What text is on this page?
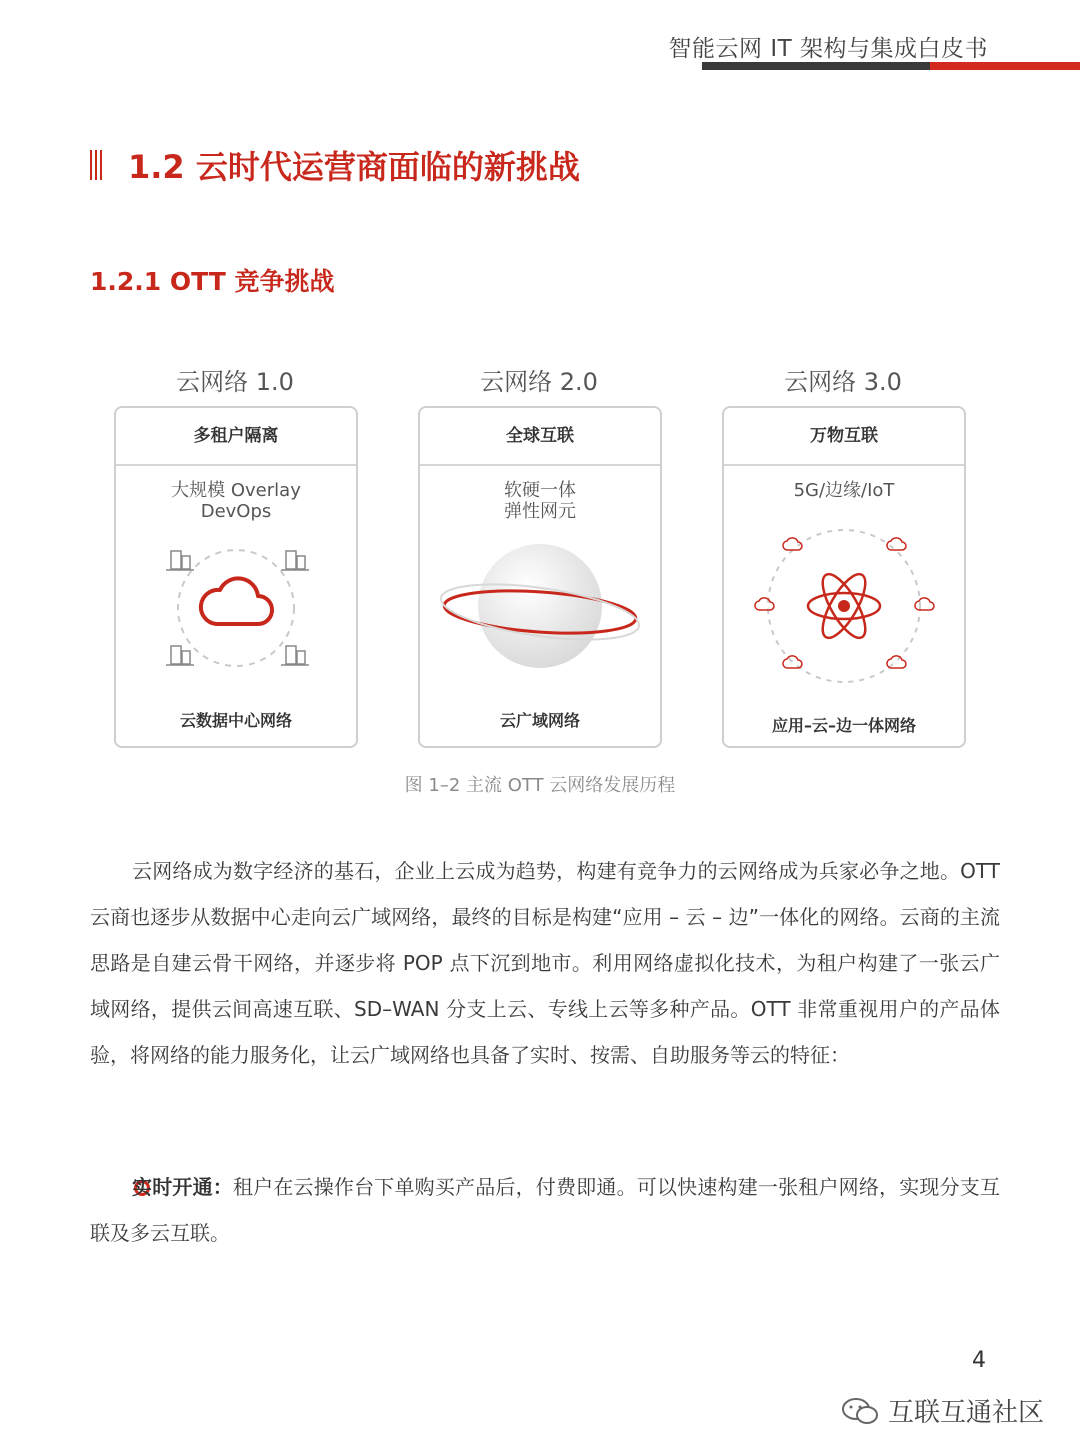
智能云网 IT 架构与集成白皮书
1.2 云时代运营商面临的新挑战
1.2.1 OTT 竞争挑战
云网络 1.0
多租户隔离
大规模 Overlay
DevOps
云数据中心网络
云网络 2.0
全球互联
软硬一体
弹性网元
云广域网络
云网络 3.0
万物互联
5G/边缘/IoT
应用–云–边一体网络
图 1–2 主流 OTT 云网络发展历程
云网络成为数字经济的基石，企业上云成为趋势，构建有竞争力的云网络成为兵家必争之地。OTT 云商也逐步从数据中心走向云广域网络，最终的目标是构建“应用 – 云 – 边”一体化的网络。云商的主流思路是自建云骨干网络，并逐步将 POP 点下沉到地市。利用网络虚拟化技术，为租户构建了一张云广域网络，提供云间高速互联、SD–WAN 分支上云、专线上云等多种产品。OTT 非常重视用户的产品体验，将网络的能力服务化，让云广域网络也具备了实时、按需、自助服务等云的特征：
实时开通：租户在云操作台下单购买产品后，付费即通。可以快速构建一张租户网络，实现分支互联及多云互联。
4
互联互通社区
